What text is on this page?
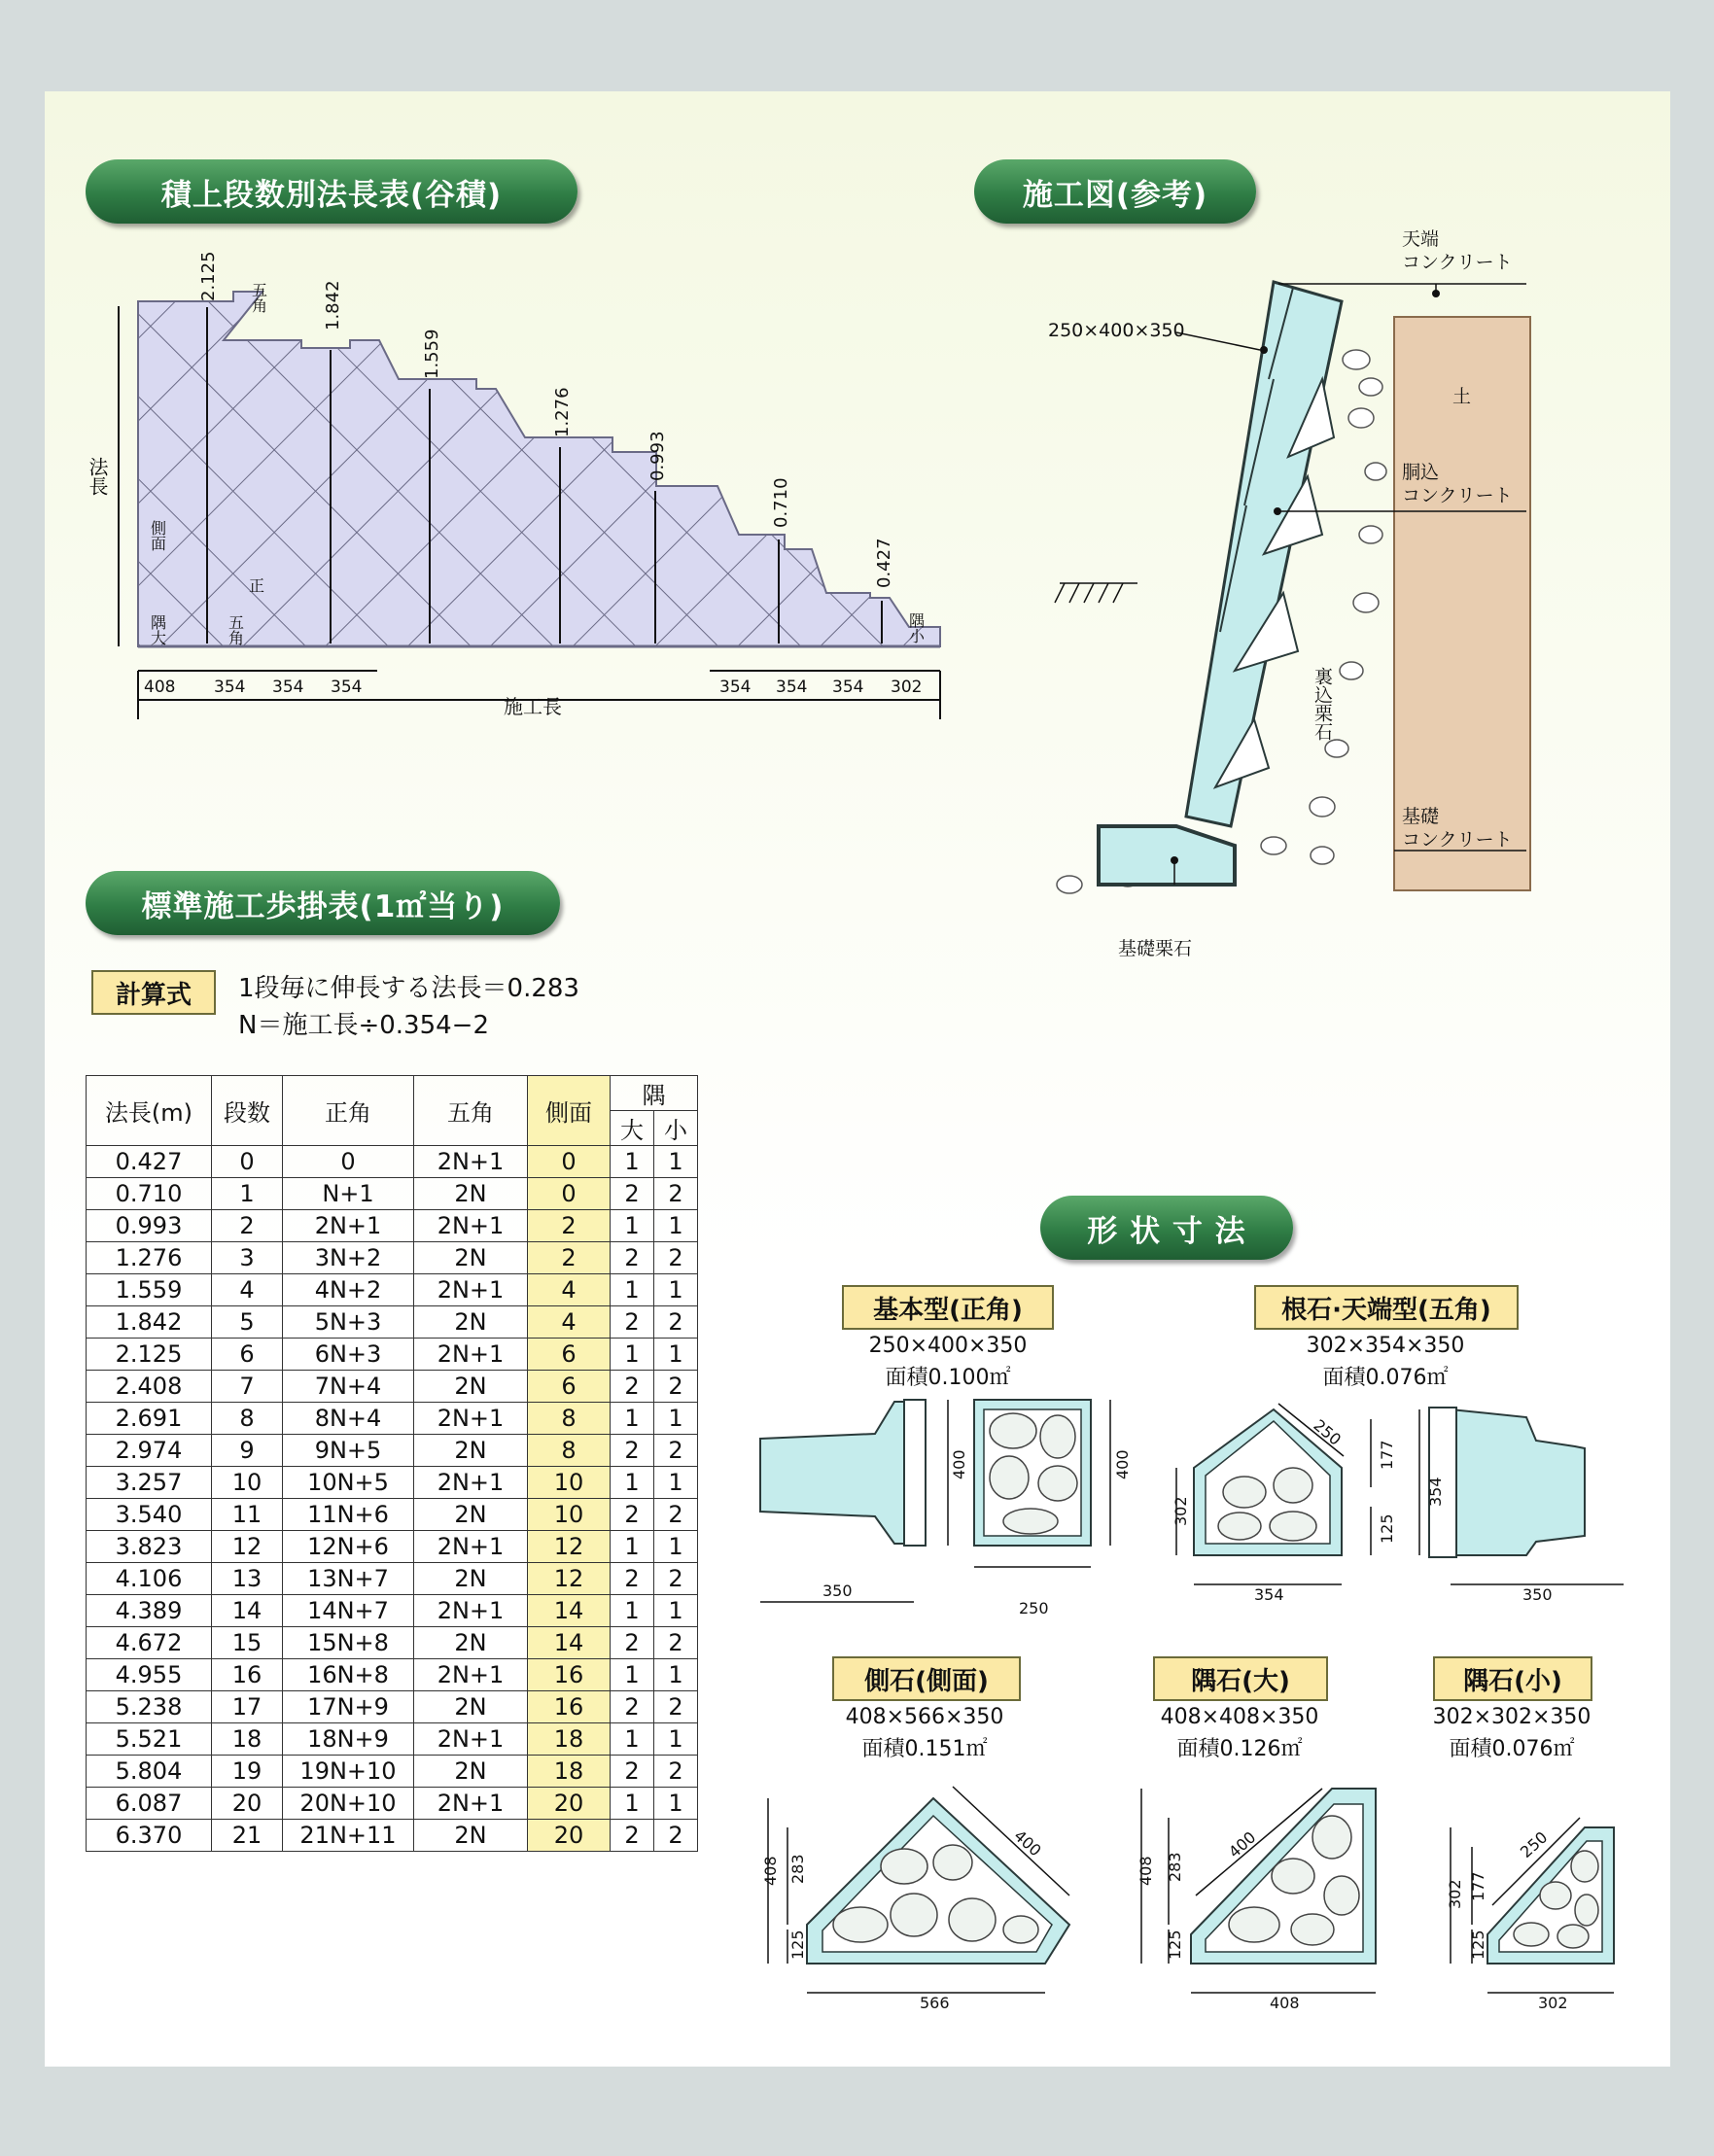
積上段数別法長表(谷積)	施工図(参考)
標準施工歩掛表(1㎡当り)
形 状 寸 法
2.125
1.842
1.559
1.276
0.993
0.710
0.427
408 354 354 354	354 354 354 302
施工長
法長
五角
側面
正
五角
隅大	隅小
250×400×350
天端
コンクリート
土
胴込
コンクリート
裏込栗石
基礎
コンクリート
基礎栗石
計算式	1段毎に伸長する法長＝0.283
N＝施工長÷0.354−2
法長(m)	段数	正角	五角	側面	隅	
					大	小
0.427	0	0	2N+1	0	1	1
0.710	1	N+1	2N	0	2	2
0.993	2	2N+1	2N+1	2	1	1
1.276	3	3N+2	2N	2	2	2
1.559	4	4N+2	2N+1	4	1	1
1.842	5	5N+3	2N	4	2	2
2.125	6	6N+3	2N+1	6	1	1
2.408	7	7N+4	2N	6	2	2
2.691	8	8N+4	2N+1	8	1	1
2.974	9	9N+5	2N	8	2	2
3.257	10	10N+5	2N+1	10	1	1
3.540	11	11N+6	2N	10	2	2
3.823	12	12N+6	2N+1	12	1	1
4.106	13	13N+7	2N	12	2	2
4.389	14	14N+7	2N+1	14	1	1
4.672	15	15N+8	2N	14	2	2
4.955	16	16N+8	2N+1	16	1	1
5.238	17	17N+9	2N	16	2	2
5.521	18	18N+9	2N+1	18	1	1
5.804	19	19N+10	2N	18	2	2
6.087	20	20N+10	2N+1	20	1	1
6.370	21	21N+11	2N	20	2	2
基本型(正角)
250×400×350
面積0.100㎡
根石·天端型(五角)
302×354×350
面積0.076㎡
400	400
350
250
302
250
177
125
354
354
350
側石(側面)
408×566×350
面積0.151㎡
隅石(大)
408×408×350
面積0.126㎡
隅石(小)
302×302×350
面積0.076㎡
408 283
125
400
566
408 283
125
400
408
302 177
125
250
302
